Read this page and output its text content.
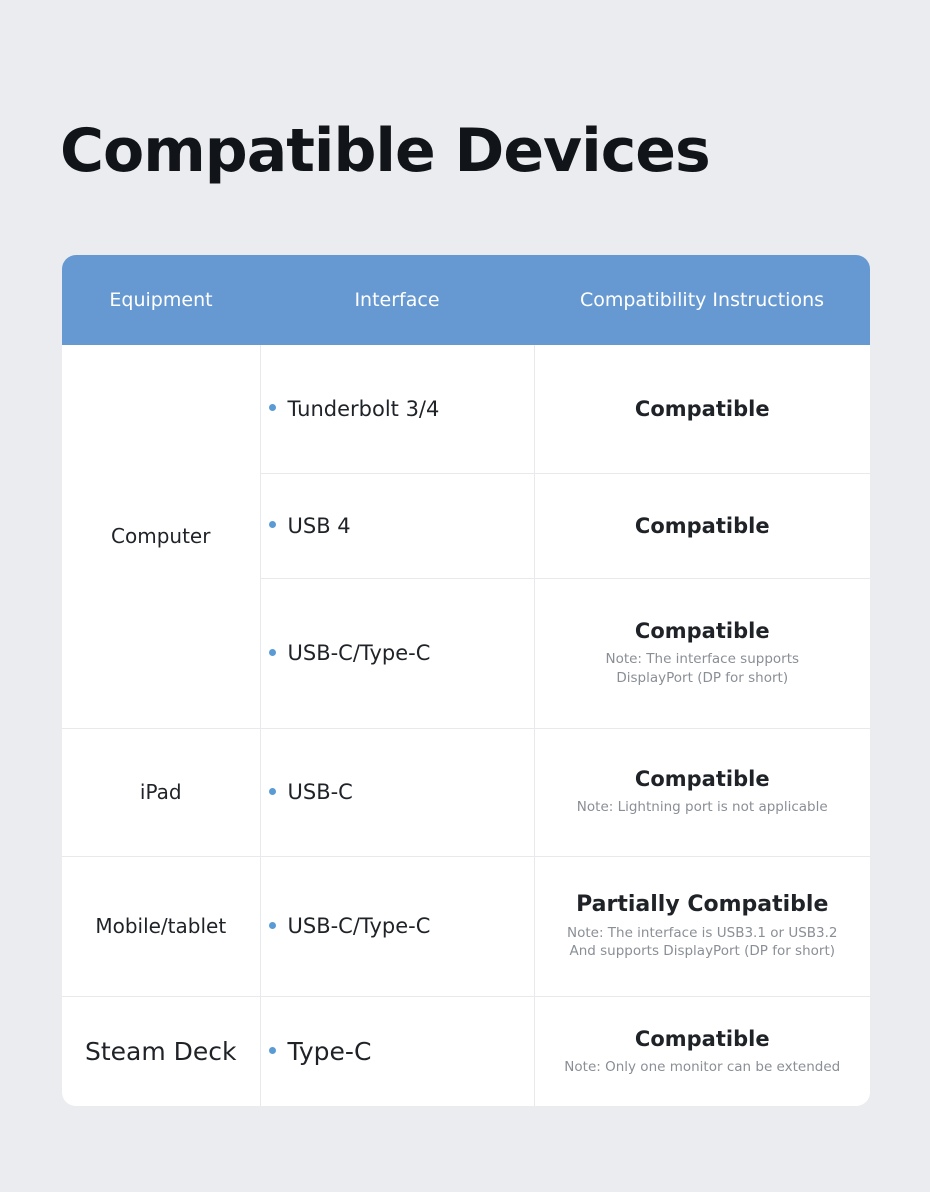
Compatible Devices
Equipment	Interface	Compatibility Instructions
Computer	Tunderbolt 3/4	Compatible

	USB 4	Compatible

	USB-C/Type-C	Compatible
Note: The interface supports
DisplayPort (DP for short)

iPad	USB-C	Compatible
Note: Lightning port is not applicable

Mobile/tablet	USB-C/Type-C	Partially Compatible
Note: The interface is USB3.1 or USB3.2
And supports DisplayPort (DP for short)

Steam Deck	Type-C	Compatible
Note: Only one monitor can be extended
